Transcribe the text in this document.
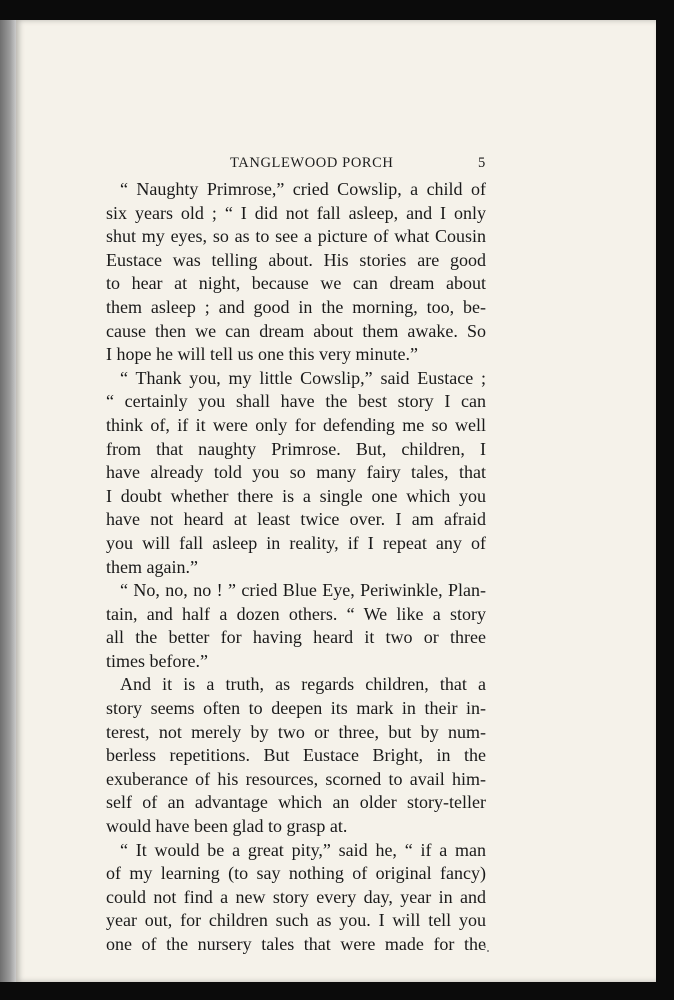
TANGLEWOOD PORCH	5
“ Naughty Primrose,” cried Cowslip, a child of
six years old ; “ I did not fall asleep, and I only
shut my eyes, so as to see a picture of what Cousin
Eustace was telling about. His stories are good
to hear at night, because we can dream about
them asleep ; and good in the morning, too, be-
cause then we can dream about them awake. So
I hope he will tell us one this very minute.”
“ Thank you, my little Cowslip,” said Eustace ;
“ certainly you shall have the best story I can
think of, if it were only for defending me so well
from that naughty Primrose. But, children, I
have already told you so many fairy tales, that
I doubt whether there is a single one which you
have not heard at least twice over. I am afraid
you will fall asleep in reality, if I repeat any of
them again.”
“ No, no, no ! ” cried Blue Eye, Periwinkle, Plan-
tain, and half a dozen others. “ We like a story
all the better for having heard it two or three
times before.”
And it is a truth, as regards children, that a
story seems often to deepen its mark in their in-
terest, not merely by two or three, but by num-
berless repetitions. But Eustace Bright, in the
exuberance of his resources, scorned to avail him-
self of an advantage which an older story-teller
would have been glad to grasp at.
“ It would be a great pity,” said he, “ if a man
of my learning (to say nothing of original fancy)
could not find a new story every day, year in and
year out, for children such as you. I will tell you
one of the nursery tales that were made for the
